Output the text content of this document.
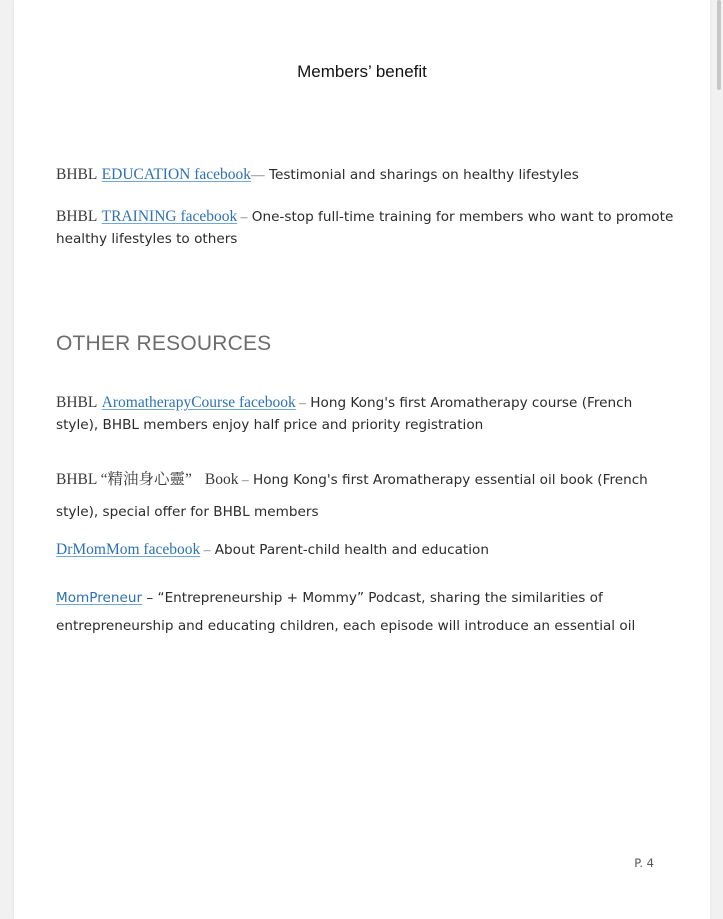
Members’ benefit

BHBL EDUCATION facebook— Testimonial and sharings on healthy lifestyles

BHBL TRAINING facebook – One-stop full-time training for members who want to promote healthy lifestyles to others

OTHER RESOURCES

BHBL AromatherapyCourse facebook – Hong Kong's first Aromatherapy course (French style), BHBL members enjoy half price and priority registration

BHBL “精油身心靈” Book – Hong Kong's first Aromatherapy essential oil book (French style), special offer for BHBL members

DrMomMom facebook – About Parent-child health and education

MomPreneur – “Entrepreneurship + Mommy” Podcast, sharing the similarities of entrepreneurship and educating children, each episode will introduce an essential oil

P. 4
